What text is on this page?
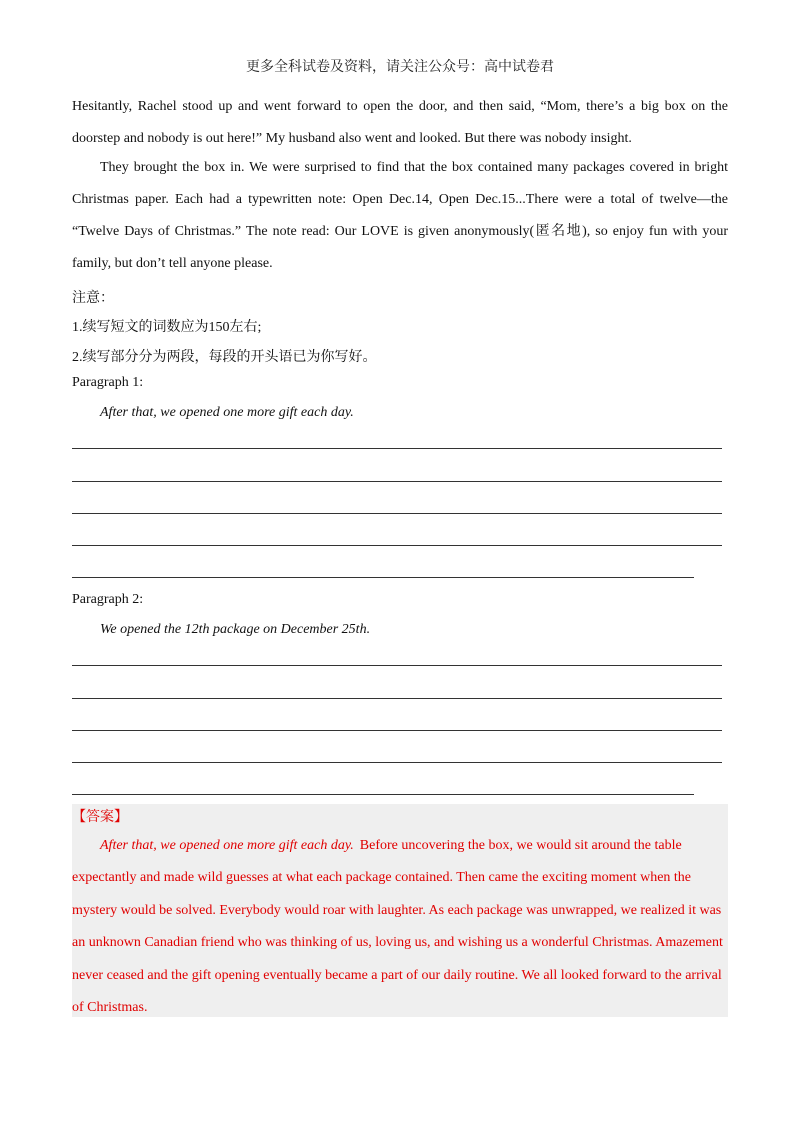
更多全科试卷及资料，请关注公众号：高中试卷君
Hesitantly, Rachel stood up and went forward to open the door, and then said, “Mom, there’s a big box on the doorstep and nobody is out here!” My husband also went and looked. But there was nobody insight.
They brought the box in. We were surprised to find that the box contained many packages covered in bright Christmas paper. Each had a typewritten note: Open Dec.14, Open Dec.15...There were a total of twelve—the “Twelve Days of Christmas.” The note read: Our LOVE is given anonymously(匿名地), so enjoy fun with your family, but don’t tell anyone please.
注意：
1.续写短文的词数应为150左右;
2.续写部分分为两段，每段的开头语已为你写好。
Paragraph 1:
After that, we opened one more gift each day.
Paragraph 2:
We opened the 12th package on December 25th.
【答案】
After that, we opened one more gift each day. Before uncovering the box, we would sit around the table expectantly and made wild guesses at what each package contained. Then came the exciting moment when the mystery would be solved. Everybody would roar with laughter. As each package was unwrapped, we realized it was an unknown Canadian friend who was thinking of us, loving us, and wishing us a wonderful Christmas. Amazement never ceased and the gift opening eventually became a part of our daily routine. We all looked forward to the arrival of Christmas.
